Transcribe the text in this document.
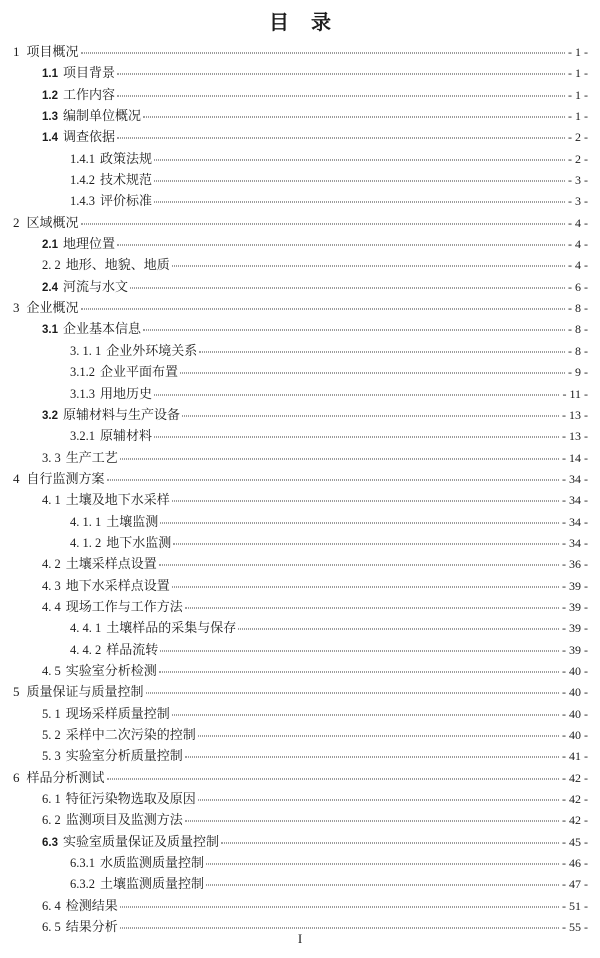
目　录
1 项目概况	- 1 -
1.1 项目背景	- 1 -
1.2 工作内容	- 1 -
1.3 编制单位概况	- 1 -
1.4 调查依据	- 2 -
1.4.1 政策法规	- 2 -
1.4.2 技术规范	- 3 -
1.4.3 评价标准	- 3 -
2 区域概况	- 4 -
2.1 地理位置	- 4 -
2. 2 地形、地貌、地质	- 4 -
2.4 河流与水文	- 6 -
3 企业概况	- 8 -
3.1 企业基本信息	- 8 -
3. 1. 1 企业外环境关系	- 8 -
3.1.2 企业平面布置	- 9 -
3.1.3 用地历史	- 11 -
3.2 原辅材料与生产设备	- 13 -
3.2.1 原辅材料	- 13 -
3. 3 生产工艺	- 14 -
4 自行监测方案	- 34 -
4. 1 土壤及地下水采样	- 34 -
4. 1. 1 土壤监测	- 34 -
4. 1. 2 地下水监测	- 34 -
4. 2 土壤采样点设置	- 36 -
4. 3 地下水采样点设置	- 39 -
4. 4 现场工作与工作方法	- 39 -
4. 4. 1 土壤样品的采集与保存	- 39 -
4. 4. 2 样品流转	- 39 -
4. 5 实验室分析检测	- 40 -
5 质量保证与质量控制	- 40 -
5. 1 现场采样质量控制	- 40 -
5. 2 采样中二次污染的控制	- 40 -
5. 3 实验室分析质量控制	- 41 -
6 样品分析测试	- 42 -
6. 1 特征污染物选取及原因	- 42 -
6. 2 监测项目及监测方法	- 42 -
6.3 实验室质量保证及质量控制	- 45 -
6.3.1 水质监测质量控制	- 46 -
6.3.2 土壤监测质量控制	- 47 -
6. 4 检测结果	- 51 -
6. 5 结果分析	- 55 -
I
